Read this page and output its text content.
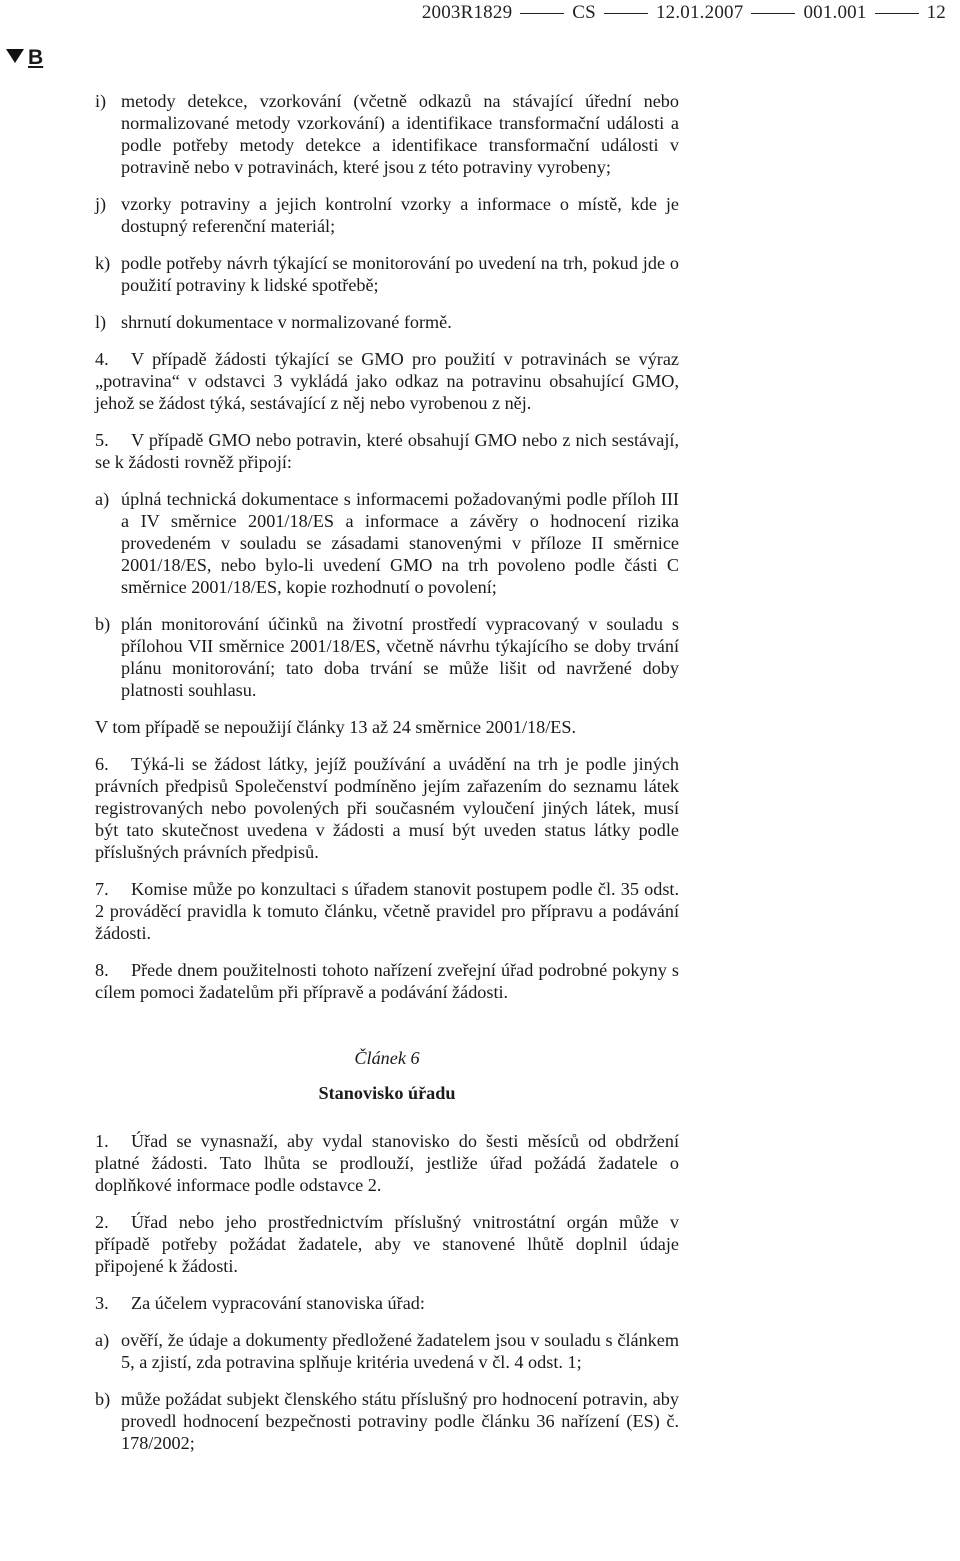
2003R1829	CS	12.01.2007	001.001	12
B
i) metody detekce, vzorkování (včetně odkazů na stávající úřední nebo normalizované metody vzorkování) a identifikace transformační události a podle potřeby metody detekce a identifikace transformační události v potravině nebo v potravinách, které jsou z této potraviny vyrobeny;
j) vzorky potraviny a jejich kontrolní vzorky a informace o místě, kde je dostupný referenční materiál;
k) podle potřeby návrh týkající se monitorování po uvedení na trh, pokud jde o použití potraviny k lidské spotřebě;
l) shrnutí dokumentace v normalizované formě.

4. V případě žádosti týkající se GMO pro použití v potravinách se výraz „potravina“ v odstavci 3 vykládá jako odkaz na potravinu obsahující GMO, jehož se žádost týká, sestávající z něj nebo vyrobenou z něj.

5. V případě GMO nebo potravin, které obsahují GMO nebo z nich sestávají, se k žádosti rovněž připojí:

a) úplná technická dokumentace s informacemi požadovanými podle příloh III a IV směrnice 2001/18/ES a informace a závěry o hodnocení rizika provedeném v souladu se zásadami stanovenými v příloze II směrnice 2001/18/ES, nebo bylo-li uvedení GMO na trh povoleno podle části C směrnice 2001/18/ES, kopie rozhodnutí o povolení;
b) plán monitorování účinků na životní prostředí vypracovaný v souladu s přílohou VII směrnice 2001/18/ES, včetně návrhu týkajícího se doby trvání plánu monitorování; tato doba trvání se může lišit od navržené doby platnosti souhlasu.

V tom případě se nepoužijí články 13 až 24 směrnice 2001/18/ES.

6. Týká-li se žádost látky, jejíž používání a uvádění na trh je podle jiných právních předpisů Společenství podmíněno jejím zařazením do seznamu látek registrovaných nebo povolených při současném vyloučení jiných látek, musí být tato skutečnost uvedena v žádosti a musí být uveden status látky podle příslušných právních předpisů.

7. Komise může po konzultaci s úřadem stanovit postupem podle čl. 35 odst. 2 prováděcí pravidla k tomuto článku, včetně pravidel pro přípravu a podávání žádosti.

8. Přede dnem použitelnosti tohoto nařízení zveřejní úřad podrobné pokyny s cílem pomoci žadatelům při přípravě a podávání žádosti.

Článek 6
Stanovisko úřadu

1. Úřad se vynasnaží, aby vydal stanovisko do šesti měsíců od obdržení platné žádosti. Tato lhůta se prodlouží, jestliže úřad požádá žadatele o doplňkové informace podle odstavce 2.

2. Úřad nebo jeho prostřednictvím příslušný vnitrostátní orgán může v případě potřeby požádat žadatele, aby ve stanovené lhůtě doplnil údaje připojené k žádosti.

3. Za účelem vypracování stanoviska úřad:

a) ověří, že údaje a dokumenty předložené žadatelem jsou v souladu s článkem 5, a zjistí, zda potravina splňuje kritéria uvedená v čl. 4 odst. 1;
b) může požádat subjekt členského státu příslušný pro hodnocení potravin, aby provedl hodnocení bezpečnosti potraviny podle článku 36 nařízení (ES) č. 178/2002;
